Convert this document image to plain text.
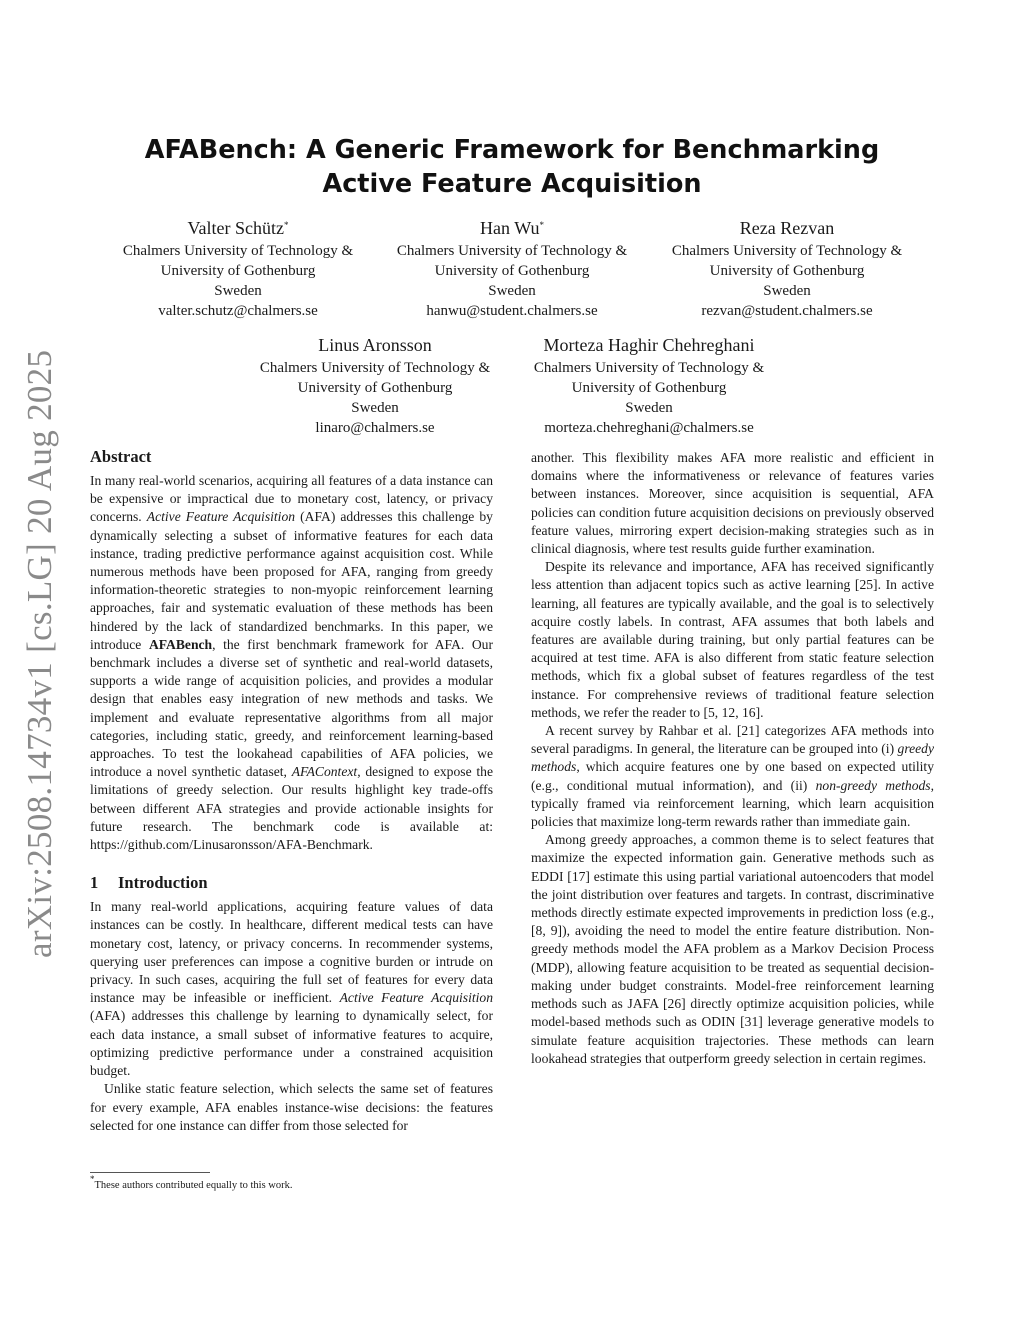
arXiv:2508.14734v1 [cs.LG] 20 Aug 2025
AFABench: A Generic Framework for Benchmarking Active Feature Acquisition
Valter Schütz*
Chalmers University of Technology &
University of Gothenburg
Sweden
valter.schutz@chalmers.se
Han Wu*
Chalmers University of Technology &
University of Gothenburg
Sweden
hanwu@student.chalmers.se
Reza Rezvan
Chalmers University of Technology &
University of Gothenburg
Sweden
rezvan@student.chalmers.se
Linus Aronsson
Chalmers University of Technology &
University of Gothenburg
Sweden
linaro@chalmers.se
Morteza Haghir Chehreghani
Chalmers University of Technology &
University of Gothenburg
Sweden
morteza.chehreghani@chalmers.se
Abstract

In many real-world scenarios, acquiring all features of a data instance can be expensive or impractical due to monetary cost, latency, or privacy concerns. Active Feature Acquisition (AFA) addresses this challenge by dynamically selecting a subset of informative features for each data instance, trading predictive performance against acquisition cost. While numerous methods have been proposed for AFA, ranging from greedy information-theoretic strategies to non-myopic reinforcement learning approaches, fair and systematic evaluation of these methods has been hindered by the lack of standardized benchmarks. In this paper, we introduce AFABench, the first benchmark framework for AFA. Our benchmark includes a diverse set of synthetic and real-world datasets, supports a wide range of acquisition policies, and provides a modular design that enables easy integration of new methods and tasks. We implement and evaluate representative algorithms from all major categories, including static, greedy, and reinforcement learning-based approaches. To test the lookahead capabilities of AFA policies, we introduce a novel synthetic dataset, AFAContext, designed to expose the limitations of greedy selection. Our results highlight key trade-offs between different AFA strategies and provide actionable insights for future research. The benchmark code is available at: https://github.com/Linusaronsson/AFA-Benchmark.

1 Introduction

In many real-world applications, acquiring feature values of data instances can be costly. In healthcare, different medical tests can have monetary cost, latency, or privacy concerns. In recommender systems, querying user preferences can impose a cognitive burden or intrude on privacy. In such cases, acquiring the full set of features for every data instance may be infeasible or inefficient. Active Feature Acquisition (AFA) addresses this challenge by learning to dynamically select, for each data instance, a small subset of informative features to acquire, optimizing predictive performance under a constrained acquisition budget.

Unlike static feature selection, which selects the same set of features for every example, AFA enables instance-wise decisions: the features selected for one instance can differ from those selected for

another. This flexibility makes AFA more realistic and efficient in domains where the informativeness or relevance of features varies between instances. Moreover, since acquisition is sequential, AFA policies can condition future acquisition decisions on previously observed feature values, mirroring expert decision-making strategies such as in clinical diagnosis, where test results guide further examination.

Despite its relevance and importance, AFA has received significantly less attention than adjacent topics such as active learning [25]. In active learning, all features are typically available, and the goal is to selectively acquire costly labels. In contrast, AFA assumes that both labels and features are available during training, but only partial features can be acquired at test time. AFA is also different from static feature selection methods, which fix a global subset of features regardless of the test instance. For comprehensive reviews of traditional feature selection methods, we refer the reader to [5, 12, 16].

A recent survey by Rahbar et al. [21] categorizes AFA methods into several paradigms. In general, the literature can be grouped into (i) greedy methods, which acquire features one by one based on expected utility (e.g., conditional mutual information), and (ii) non-greedy methods, typically framed via reinforcement learning, which learn acquisition policies that maximize long-term rewards rather than immediate gain.

Among greedy approaches, a common theme is to select features that maximize the expected information gain. Generative methods such as EDDI [17] estimate this using partial variational autoencoders that model the joint distribution over features and targets. In contrast, discriminative methods directly estimate expected improvements in prediction loss (e.g., [8, 9]), avoiding the need to model the entire feature distribution. Non-greedy methods model the AFA problem as a Markov Decision Process (MDP), allowing feature acquisition to be treated as sequential decision-making under budget constraints. Model-free reinforcement learning methods such as JAFA [26] directly optimize acquisition policies, while model-based methods such as ODIN [31] leverage generative models to simulate feature acquisition trajectories. These methods can learn lookahead strategies that outperform greedy selection in certain regimes.

*These authors contributed equally to this work.
